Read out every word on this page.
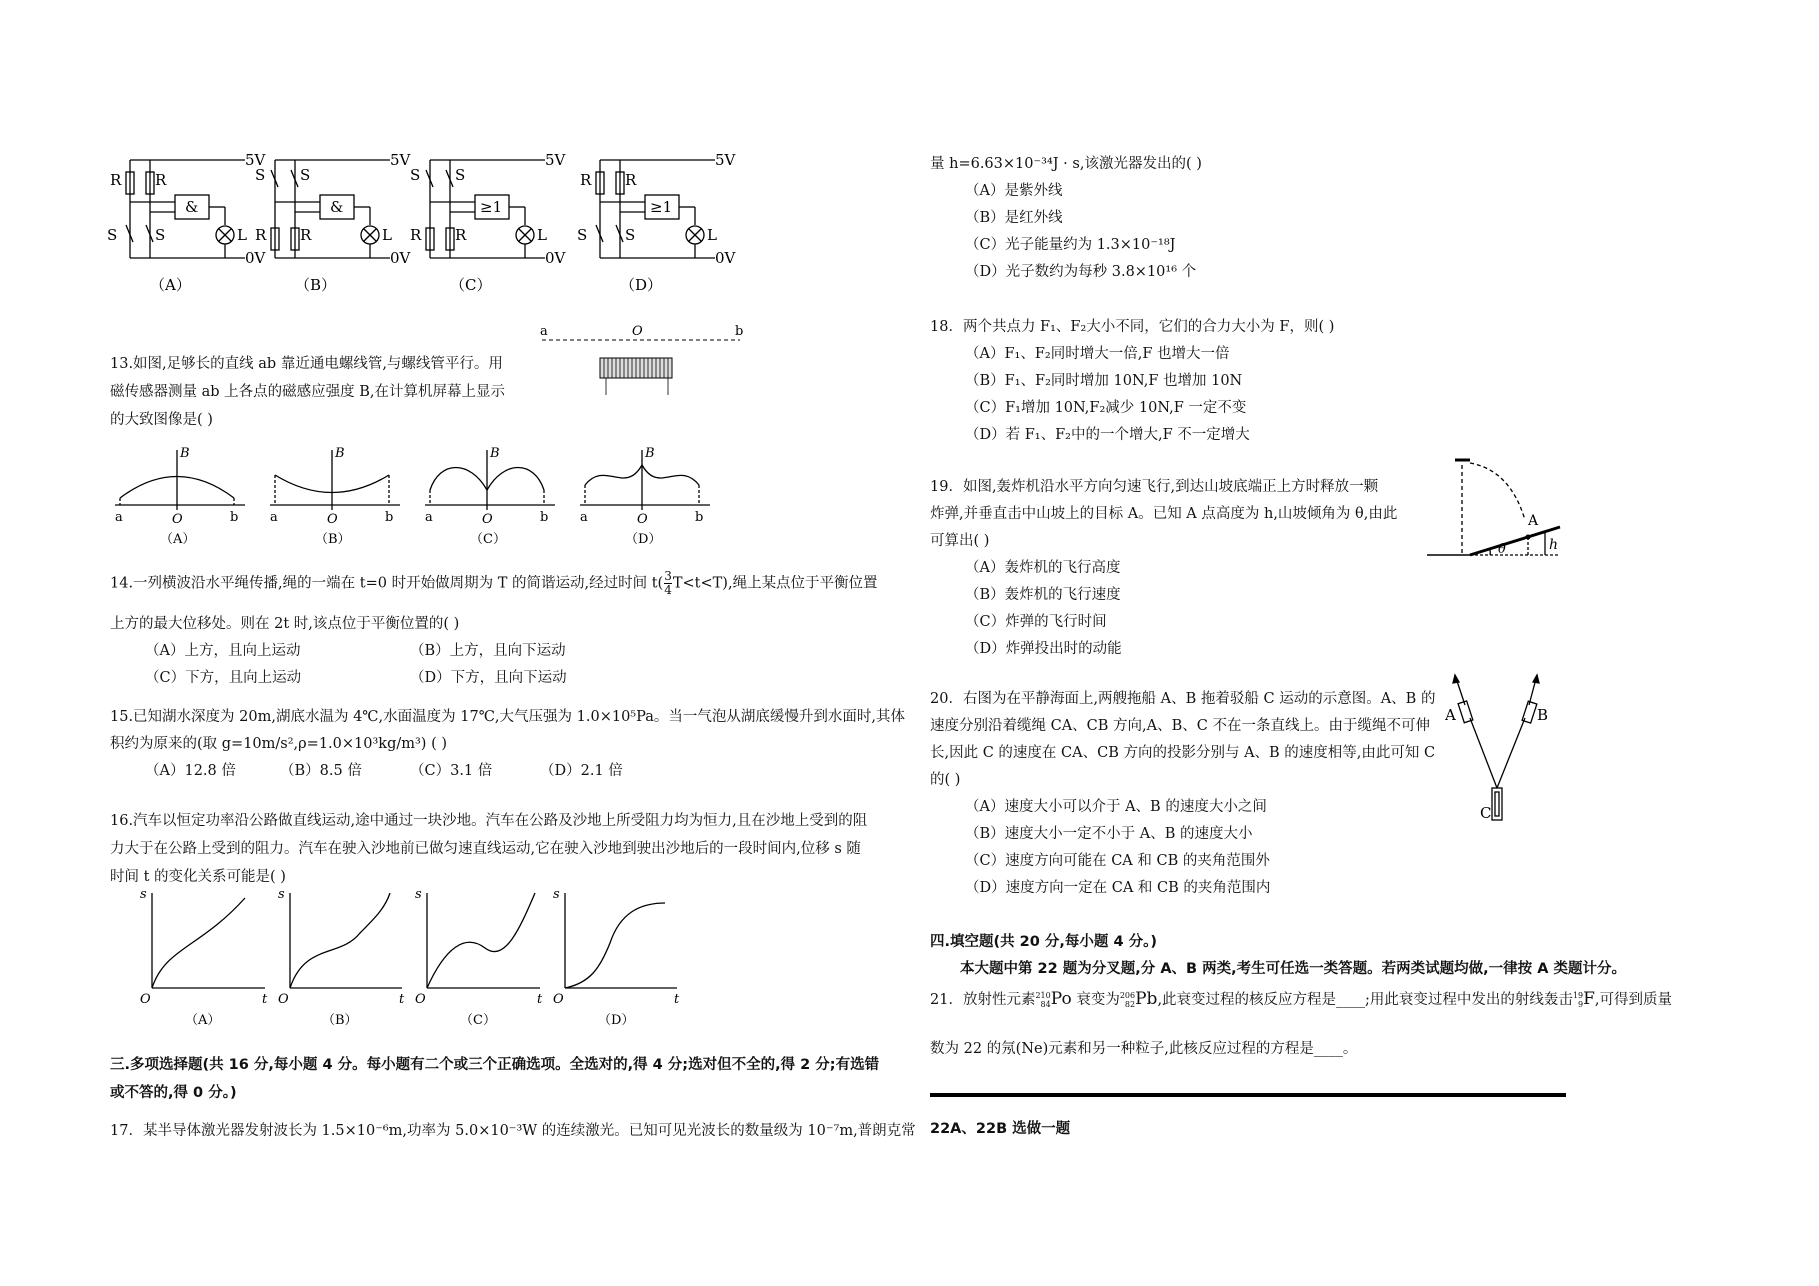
5V
0V
5V
0V
5V
0V
5V
0V
&	&	≥1	≥1
L	L	L	L
R R
S	S	R R
S S
R R
S S	R R
S	S
（A）	（B）	（C）	（D）
13.如图,足够长的直线 ab 靠近通电螺线管,与螺线管平行。用
磁传感器测量 ab 上各点的磁感应强度 B,在计算机屏幕上显示
的大致图像是( )
a	O	b
B	B	B	B
a	O	b a	O	b a	O	b a	O	b
（A）	（B）	（C）	（D）
14.一列横波沿水平绳传播,绳的一端在 t=0 时开始做周期为 T 的简谐运动,经过时间 $t( \frac{3}{4} T<t<T)$,绳上某点位于平衡位置
上方的最大位移处。则在 2t 时,该点位于平衡位置的( )
（A）上方，且向上运动	（B）上方，且向下运动
（C）下方，且向上运动	（D）下方，且向下运动
15.已知湖水深度为 20m,湖底水温为 4℃,水面温度为 17℃,大气压强为 1.0×10⁵Pa。当一气泡从湖底缓慢升到水面时,其体
积约为原来的(取 g=10m/s²,ρ=1.0×10³kg/m³) ( )
（A）12.8 倍	（B）8.5 倍	（C）3.1 倍	（D）2.1 倍
16.汽车以恒定功率沿公路做直线运动,途中通过一块沙地。汽车在公路及沙地上所受阻力均为恒力,且在沙地上受到的阻
力大于在公路上受到的阻力。汽车在驶入沙地前已做匀速直线运动,它在驶入沙地到驶出沙地后的一段时间内,位移 s 随
时间 t 的变化关系可能是( )
s
O	t
s
O	t
s
O	t
s
O	t
（A）	（B）	（C）	（D）
三.多项选择题(共 16 分,每小题 4 分。每小题有二个或三个正确选项。全选对的,得 4 分;选对但不全的,得 2 分;有选错
或不答的,得 0 分。)
17．某半导体激光器发射波长为 1.5×10⁻⁶m,功率为 5.0×10⁻³W 的连续激光。已知可见光波长的数量级为 10⁻⁷m,普朗克常
量 h=6.63×10⁻³⁴J · s,该激光器发出的( )
（A）是紫外线
（B）是红外线
（C）光子能量约为 1.3×10⁻¹⁸J
（D）光子数约为每秒 3.8×10¹⁶ 个
18．两个共点力 F₁、F₂大小不同，它们的合力大小为 F，则( )
（A）F₁、F₂同时增大一倍,F 也增大一倍
（B）F₁、F₂同时增加 10N,F 也增加 10N
（C）F₁增加 10N,F₂减少 10N,F 一定不变
（D）若 F₁、F₂中的一个增大,F 不一定增大
19．如图,轰炸机沿水平方向匀速飞行,到达山坡底端正上方时释放一颗
炸弹,并垂直击中山坡上的目标 A。已知 A 点高度为 h,山坡倾角为 θ,由此
可算出( )
（A）轰炸机的飞行高度
（B）轰炸机的飞行速度
（C）炸弹的飞行时间
（D）炸弹投出时的动能
A
h
θ
20．右图为在平静海面上,两艘拖船 A、B 拖着驳船 C 运动的示意图。A、B 的
速度分别沿着缆绳 CA、CB 方向,A、B、C 不在一条直线上。由于缆绳不可伸
长,因此 C 的速度在 CA、CB 方向的投影分别与 A、B 的速度相等,由此可知 C
的( )
（A）速度大小可以介于 A、B 的速度大小之间
（B）速度大小一定不小于 A、B 的速度大小
（C）速度方向可能在 CA 和 CB 的夹角范围外
（D）速度方向一定在 CA 和 CB 的夹角范围内
A	B
C
四.填空题(共 20 分,每小题 4 分。)
本大题中第 22 题为分叉题,分 A、B 两类,考生可任选一类答题。若两类试题均做,一律按 A 类题计分。
21．放射性元素 210
84 Po 衰变为 206
82 Pb,此衰变过程的核反应方程是____;用此衰变过程中发出的射线轰击 19
9 F,可得到质量
数为 22 的氖(Ne)元素和另一种粒子,此核反应过程的方程是____。
22A、22B 选做一题
